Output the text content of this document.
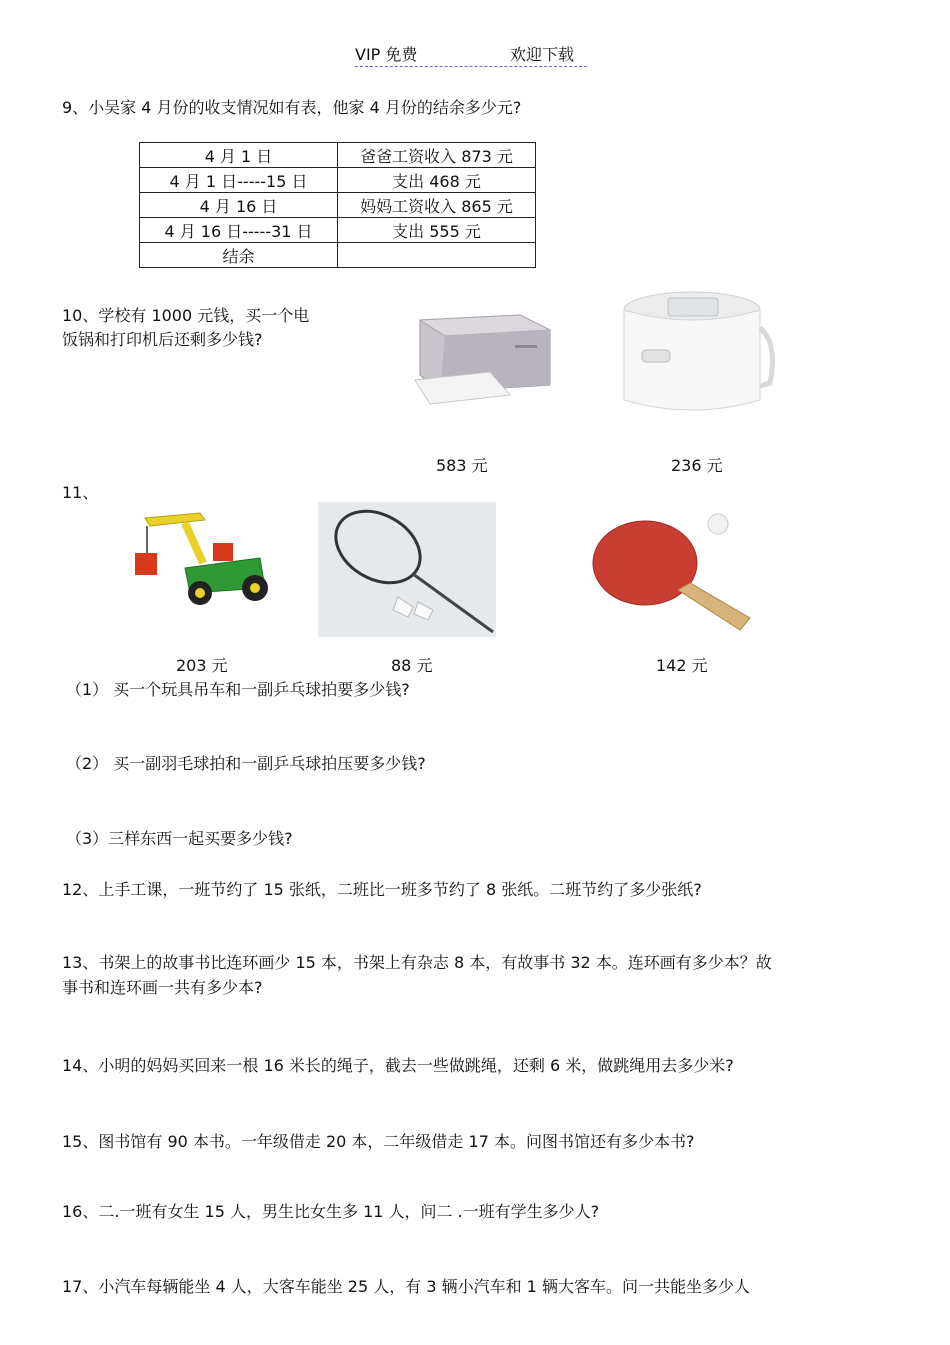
VIP 免费	欢迎下载
9、小吴家 4 月份的收支情况如有表，他家 4 月份的结余多少元?
4 月 1 日	爸爸工资收入 873 元
4 月 1 日-----15 日	支出 468 元
4 月 16 日	妈妈工资收入 865 元
4 月 16 日-----31 日	支出 555 元
结余	
10、学校有 1000 元钱，买一个电
饭锅和打印机后还剩多少钱?
583 元	236 元
11、
203 元	88 元	142 元
（1） 买一个玩具吊车和一副乒乓球拍要多少钱?
（2） 买一副羽毛球拍和一副乒乓球拍压要多少钱?
（3）三样东西一起买要多少钱?
12、上手工课，一班节约了 15 张纸，二班比一班多节约了 8 张纸。二班节约了多少张纸?
13、书架上的故事书比连环画少 15 本，书架上有杂志 8 本，有故事书 32 本。连环画有多少本？故
事书和连环画一共有多少本?
14、小明的妈妈买回来一根 16 米长的绳子，截去一些做跳绳，还剩 6 米，做跳绳用去多少米?
15、图书馆有 90 本书。一年级借走 20 本，二年级借走 17 本。问图书馆还有多少本书?
16、二.一班有女生 15 人，男生比女生多 11 人，问二 .一班有学生多少人?
17、小汽车每辆能坐 4 人，大客车能坐 25 人，有 3 辆小汽车和 1 辆大客车。问一共能坐多少人
